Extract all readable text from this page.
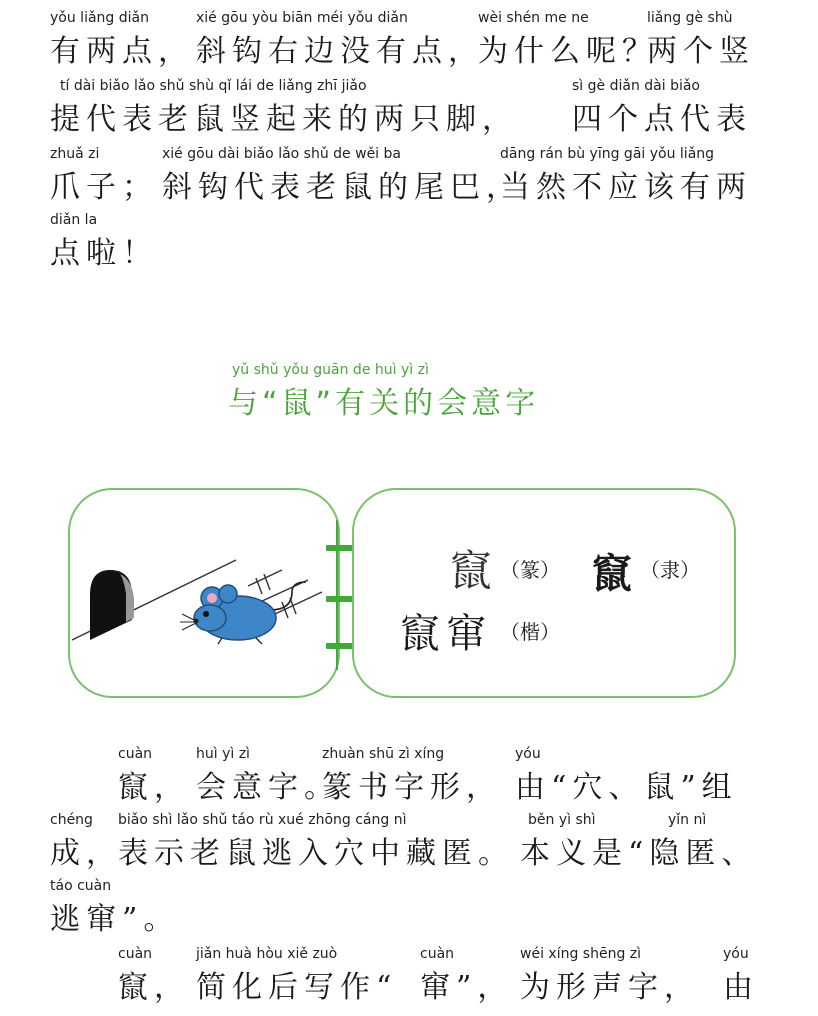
yǒu liǎng diǎn
有两点，
xié gōu yòu biān méi yǒu diǎn
斜钩右边没有点，
wèi shén me ne
为什么呢？
liǎng gè shù
两个竖
tí dài biǎo lǎo shǔ shù qǐ lái de liǎng zhī jiǎo
提代表老鼠竖起来的两只脚，
sì gè diǎn dài biǎo
四个点代表
zhuǎ zi
爪子；
xié gōu dài biǎo lǎo shǔ de wěi ba
斜钩代表老鼠的尾巴，
dāng rán bù yīng gāi yǒu liǎng
当然不应该有两
diǎn la
点啦！
yǔ shǔ yǒu guān de huì yì zì
与“鼠”有关的会意字
竄 （篆） 竄 （隶）
竄窜 （楷）
cuàn
竄，
huì yì zì
会意字。
zhuàn shū zì xíng
篆书字形，
yóu
由“穴、鼠”组
chéng
成，
biǎo shì lǎo shǔ táo rù xué zhōng cáng nì
表示老鼠逃入穴中藏匿。
běn yì shì
本义是“隐匿、
yǐn nì
táo cuàn
逃窜”。
cuàn
竄，
jiǎn huà hòu xiě zuò
简化后写作“
cuàn
窜”，
wéi xíng shēng zì
为形声字，
yóu
由
